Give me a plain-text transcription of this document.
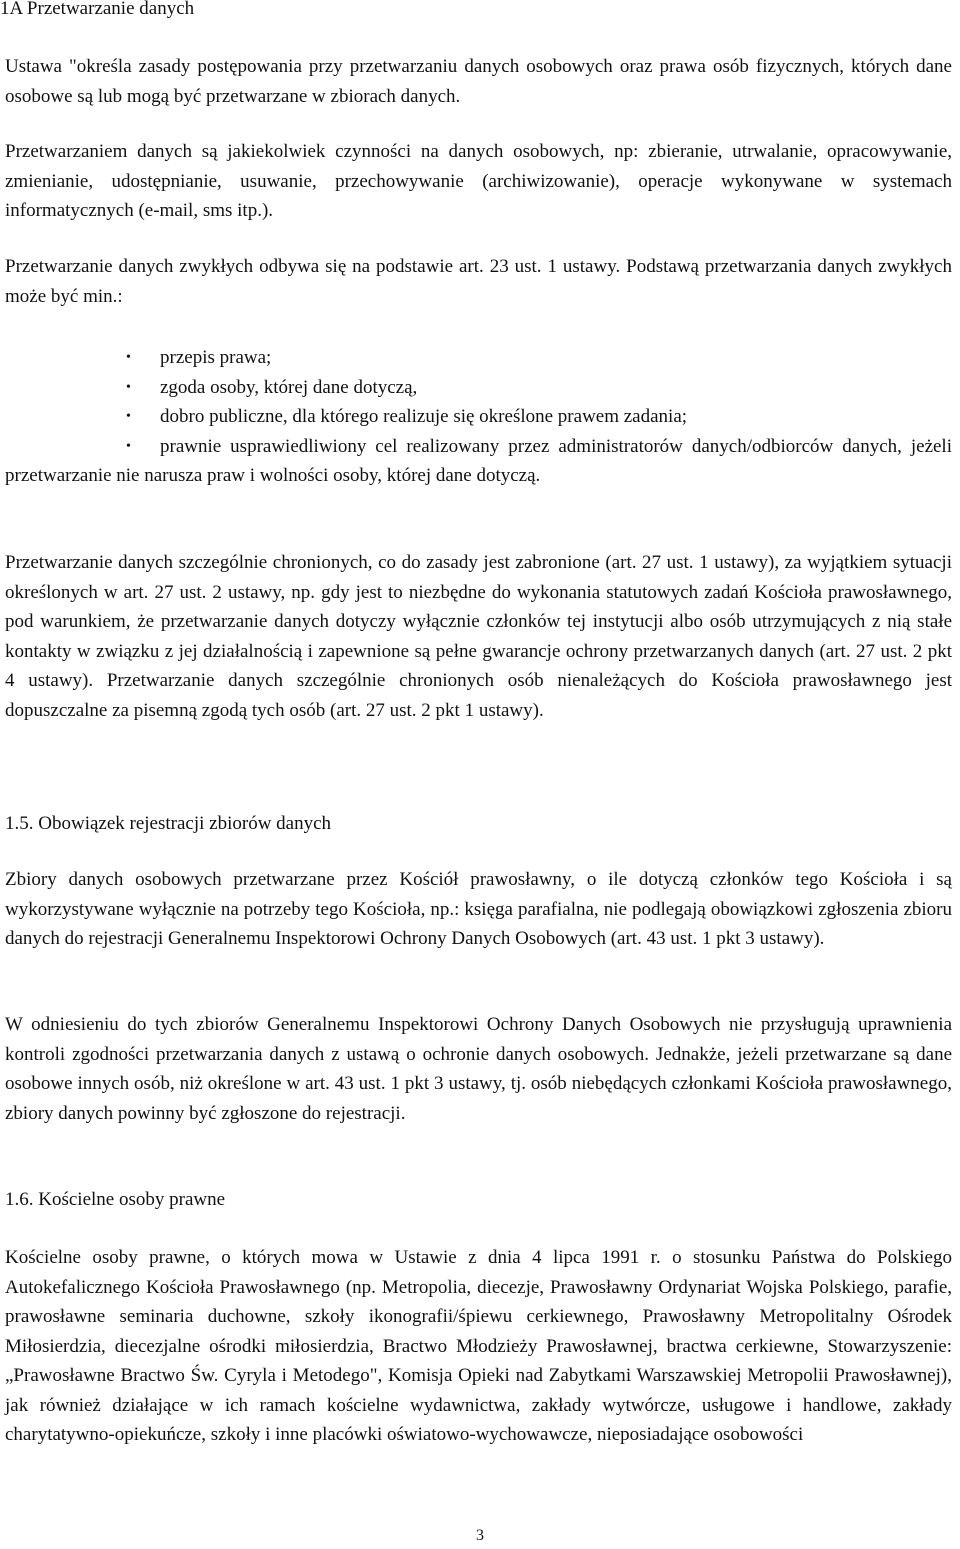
1A Przetwarzanie danych

Ustawa "określa zasady postępowania przy przetwarzaniu danych osobowych oraz prawa osób fizycznych, których dane osobowe są lub mogą być przetwarzane w zbiorach danych.

Przetwarzaniem danych są jakiekolwiek czynności na danych osobowych, np: zbieranie, utrwalanie, opracowywanie, zmienianie, udostępnianie, usuwanie, przechowywanie (archiwizowanie), operacje wykonywane w systemach informatycznych (e-mail, sms itp.).

Przetwarzanie danych zwykłych odbywa się na podstawie art. 23 ust. 1 ustawy. Podstawą przetwarzania danych zwykłych może być min.:

• przepis prawa;
• zgoda osoby, której dane dotyczą,
• dobro publiczne, dla którego realizuje się określone prawem zadania;
• prawnie usprawiedliwiony cel realizowany przez administratorów danych/odbiorców danych, jeżeli przetwarzanie nie narusza praw i wolności osoby, której dane dotyczą.

Przetwarzanie danych szczególnie chronionych, co do zasady jest zabronione (art. 27 ust. 1 ustawy), za wyjątkiem sytuacji określonych w art. 27 ust. 2 ustawy, np. gdy jest to niezbędne do wykonania statutowych zadań Kościoła prawosławnego, pod warunkiem, że przetwarzanie danych dotyczy wyłącznie członków tej instytucji albo osób utrzymujących z nią stałe kontakty w związku z jej działalnością i zapewnione są pełne gwarancje ochrony przetwarzanych danych (art. 27 ust. 2 pkt 4 ustawy). Przetwarzanie danych szczególnie chronionych osób nienależących do Kościoła prawosławnego jest dopuszczalne za pisemną zgodą tych osób (art. 27 ust. 2 pkt 1 ustawy).

1.5. Obowiązek rejestracji zbiorów danych

Zbiory danych osobowych przetwarzane przez Kościół prawosławny, o ile dotyczą członków tego Kościoła i są wykorzystywane wyłącznie na potrzeby tego Kościoła, np.: księga parafialna, nie podlegają obowiązkowi zgłoszenia zbioru danych do rejestracji Generalnemu Inspektorowi Ochrony Danych Osobowych (art. 43 ust. 1 pkt 3 ustawy).

W odniesieniu do tych zbiorów Generalnemu Inspektorowi Ochrony Danych Osobowych nie przysługują uprawnienia kontroli zgodności przetwarzania danych z ustawą o ochronie danych osobowych. Jednakże, jeżeli przetwarzane są dane osobowe innych osób, niż określone w art. 43 ust. 1 pkt 3 ustawy, tj. osób niebędących członkami Kościoła prawosławnego, zbiory danych powinny być zgłoszone do rejestracji.

1.6. Kościelne osoby prawne

Kościelne osoby prawne, o których mowa w Ustawie z dnia 4 lipca 1991 r. o stosunku Państwa do Polskiego Autokefalicznego Kościoła Prawosławnego (np. Metropolia, diecezje, Prawosławny Ordynariat Wojska Polskiego, parafie, prawosławne seminaria duchowne, szkoły ikonografii/śpiewu cerkiewnego, Prawosławny Metropolitalny Ośrodek Miłosierdzia, diecezjalne ośrodki miłosierdzia, Bractwo Młodzieży Prawosławnej, bractwa cerkiewne, Stowarzyszenie: „Prawosławne Bractwo Św. Cyryla i Metodego", Komisja Opieki nad Zabytkami Warszawskiej Metropolii Prawosławnej), jak również działające w ich ramach kościelne wydawnictwa, zakłady wytwórcze, usługowe i handlowe, zakłady charytatywno-opiekuńcze, szkoły i inne placówki oświatowo-wychowawcze, nieposiadające osobowości

3
